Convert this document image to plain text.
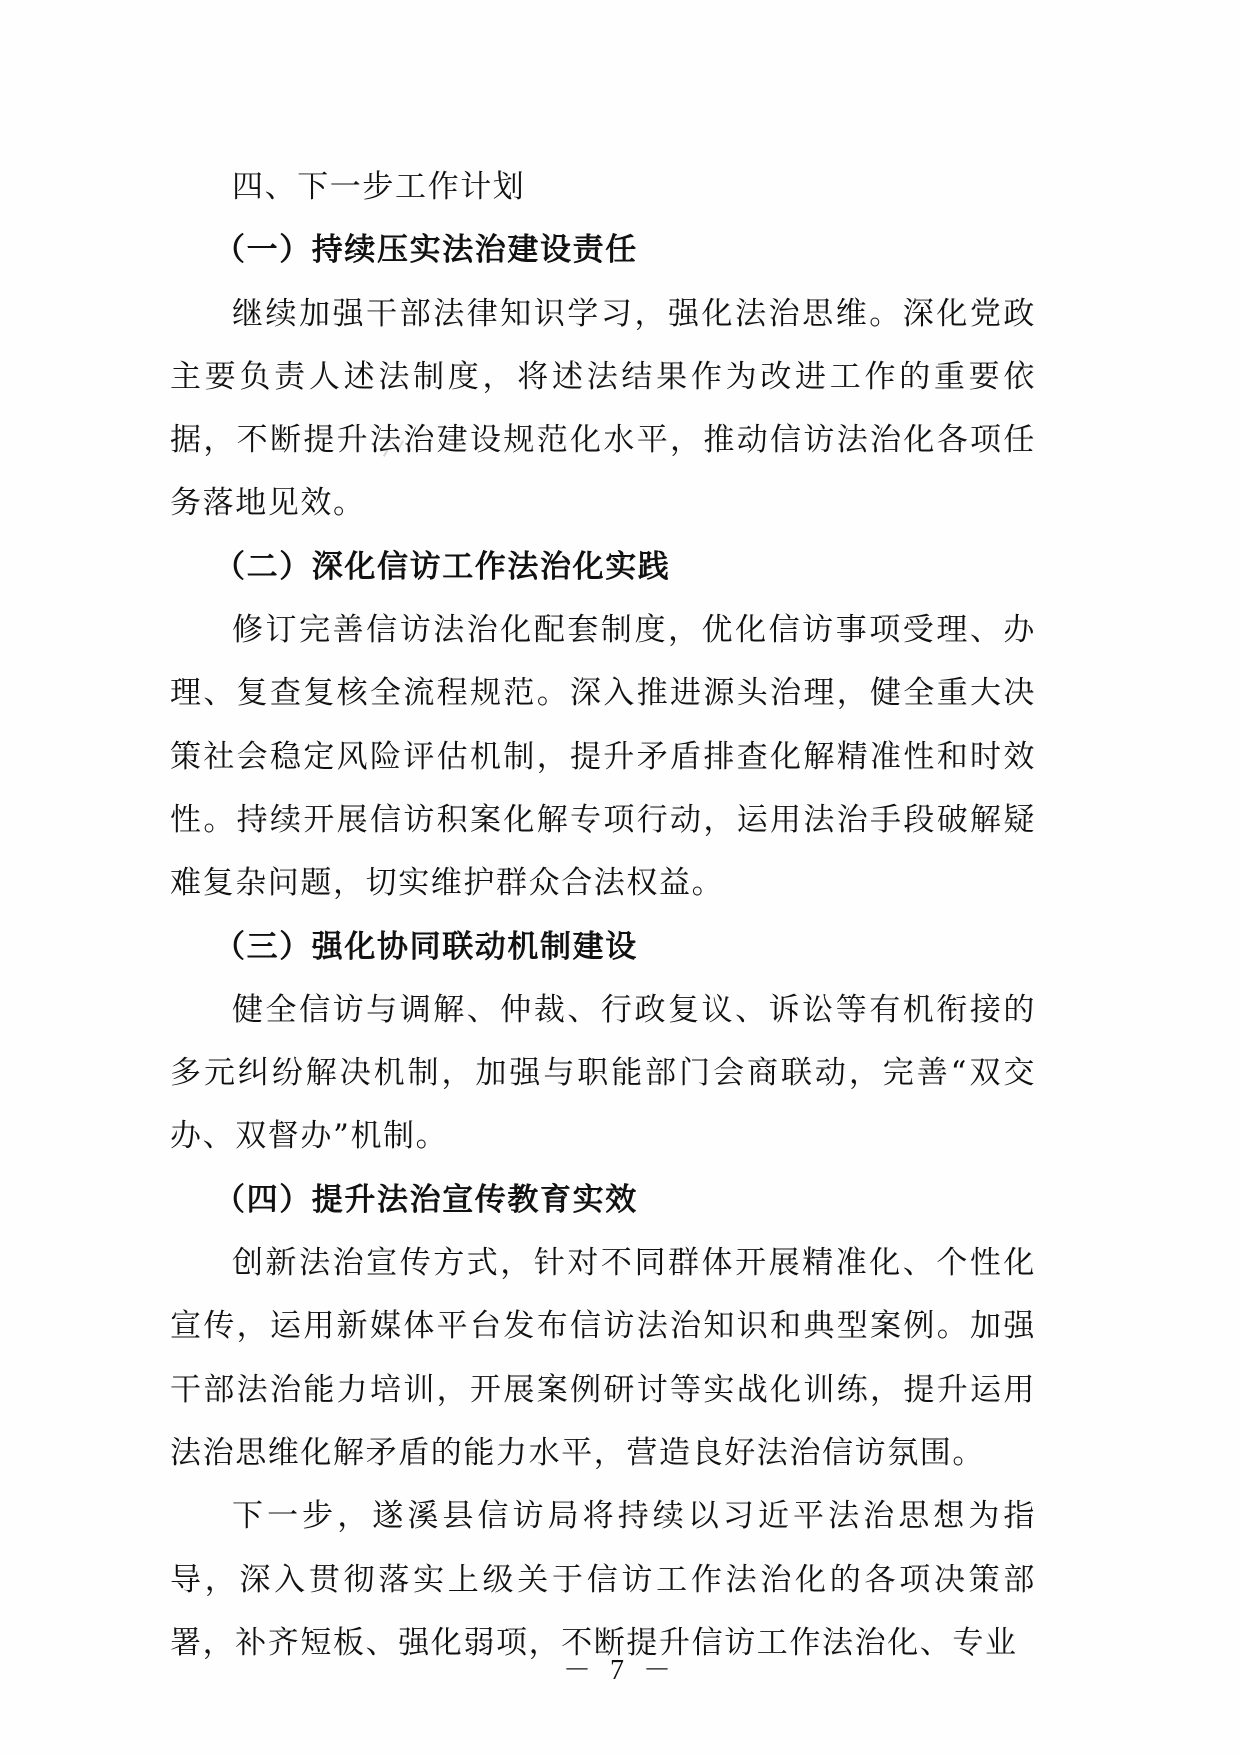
四、下一步工作计划

（一）持续压实法治建设责任

继续加强干部法律知识学习，强化法治思维。深化党政主要负责人述法制度，将述法结果作为改进工作的重要依据，不断提升法治建设规范化水平，推动信访法治化各项任务落地见效。

（二）深化信访工作法治化实践

修订完善信访法治化配套制度，优化信访事项受理、办理、复查复核全流程规范。深入推进源头治理，健全重大决策社会稳定风险评估机制，提升矛盾排查化解精准性和时效性。持续开展信访积案化解专项行动，运用法治手段破解疑难复杂问题，切实维护群众合法权益。

（三）强化协同联动机制建设

健全信访与调解、仲裁、行政复议、诉讼等有机衔接的多元纠纷解决机制，加强与职能部门会商联动，完善“双交办、双督办”机制。

（四）提升法治宣传教育实效

创新法治宣传方式，针对不同群体开展精准化、个性化宣传，运用新媒体平台发布信访法治知识和典型案例。加强干部法治能力培训，开展案例研讨等实战化训练，提升运用法治思维化解矛盾的能力水平，营造良好法治信访氛围。

下一步，遂溪县信访局将持续以习近平法治思想为指导，深入贯彻落实上级关于信访工作法治化的各项决策部署，补齐短板、强化弱项，不断提升信访工作法治化、专业

－ 7 －
